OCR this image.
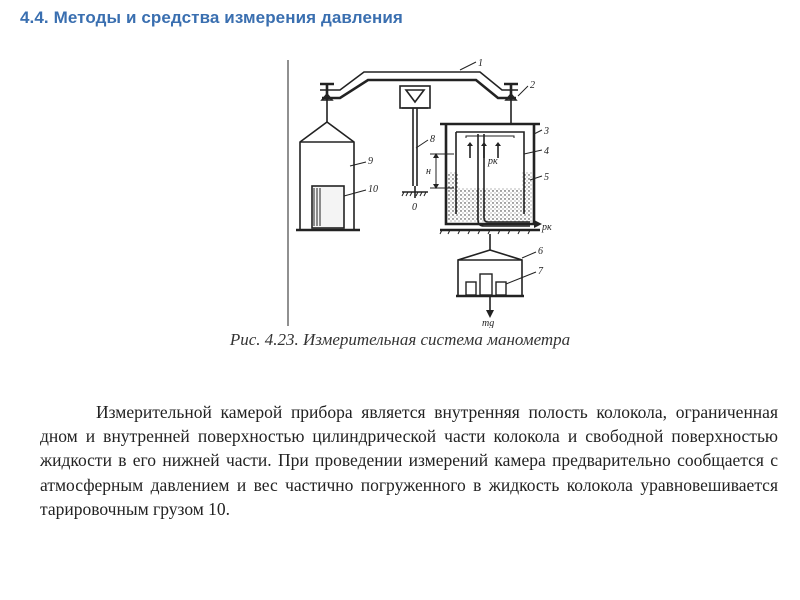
4.4. Методы и средства измерения давления
1
2
3
4
5
6
7
8
9
10
pк
pк
н
0
mg
Рис. 4.23. Измерительная система манометра

Измерительной камерой прибора является внутренняя полость колокола, ограниченная дном и внутренней поверхностью цилиндрической части колокола и свободной поверхностью жидкости в его нижней части. При проведении измерений камера предварительно сообщается с атмосферным давлением и вес частично погруженного в жидкость колокола уравновешивается тарировочным грузом 10.
